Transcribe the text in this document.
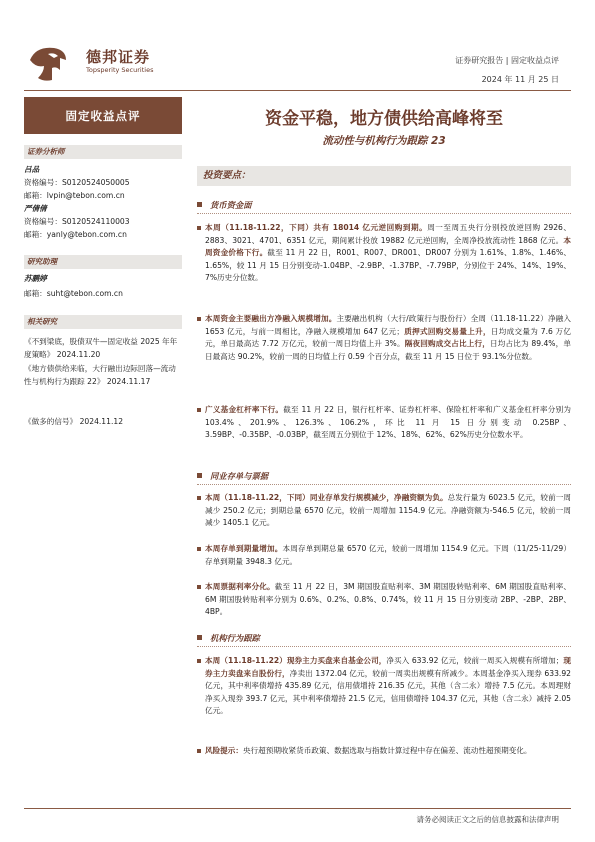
德邦证券
Topsperity Securities
证券研究报告 | 固定收益点评
2024 年 11 月 25 日
固定收益点评
证券分析师
吕品
资格编号：S0120524050005
邮箱：lvpin@tebon.com.cn
严倩倩
资格编号：S0120524110003
邮箱：yanly@tebon.com.cn
研究助理
苏鹏婷
邮箱：suht@tebon.com.cn
相关研究
《不到梁底，股债双牛—固定收益 2025 年年度策略》 2024.11.20
《地方债供给来临，大行融出边际回落—流动性与机构行为跟踪 22》 2024.11.17
《做多的信号》 2024.11.12
资金平稳，地方债供给高峰将至
流动性与机构行为跟踪 23
投资要点：
货币资金面
本周（11.18-11.22，下同）共有 18014 亿元逆回购到期。周一至周五央行分别投放逆回购 2926、2883、3021、4701、6351 亿元，期间累计投放 19882 亿元逆回购，全周净投放流动性 1868 亿元。本周资金价格下行。截至 11 月 22 日，R001、R007、DR001、DR007 分别为 1.61%、1.8%、1.46%、1.65%，较 11 月 15 日分别变动-1.04BP、-2.9BP、-1.37BP、-7.79BP，分别位于 24%、14%、19%、7%历史分位数。
本周资金主要融出方净融入规模增加。主要融出机构（大行/政策行与股份行）全周（11.18-11.22）净融入 1653 亿元，与前一周相比，净融入规模增加 647 亿元；质押式回购交易量上升，日均成交量为 7.6 万亿元，单日最高达 7.72 万亿元，较前一周日均值上升 3%。隔夜回购成交占比上行，日均占比为 89.4%，单日最高达 90.2%，较前一周的日均值上行 0.59 个百分点，截至 11 月 15 日位于 93.1%分位数。
广义基金杠杆率下行。截至 11 月 22 日，银行杠杆率、证券杠杆率、保险杠杆率和广义基金杠杆率分别为 103.4%、201.9%、126.3%、106.2%，环比 11 月 15 日分别变动 0.25BP、3.59BP、-0.35BP、-0.03BP，截至周五分别位于 12%、18%、62%、62%历史分位数水平。
同业存单与票据
本周（11.18-11.22，下同）同业存单发行规模减少，净融资额为负。总发行量为 6023.5 亿元，较前一周减少 250.2 亿元；到期总量 6570 亿元，较前一周增加 1154.9 亿元。净融资额为-546.5 亿元，较前一周减少 1405.1 亿元。
本周存单到期量增加。本周存单到期总量 6570 亿元，较前一周增加 1154.9 亿元。下周（11/25-11/29）存单到期量 3948.3 亿元。
本周票据利率分化。截至 11 月 22 日，3M 期国股直贴利率、3M 期国股转贴利率、6M 期国股直贴利率、6M 期国股转贴利率分别为 0.6%、0.2%、0.8%、0.74%，较 11 月 15 日分别变动 2BP、-2BP、2BP、4BP。
机构行为跟踪
本周（11.18-11.22）现券主力买盘来自基金公司，净买入 633.92 亿元，较前一周买入规模有所增加；现券主力卖盘来自股份行，净卖出 1372.04 亿元，较前一周卖出规模有所减少。本周基金净买入现券 633.92 亿元，其中利率债增持 435.89 亿元，信用债增持 216.35 亿元，其他（含二永）增持 7.5 亿元。本周理财净买入现券 393.7 亿元，其中利率债增持 21.5 亿元，信用债增持 104.37 亿元，其他（含二永）减持 2.05 亿元。
风险提示：央行超预期收紧货币政策、数据选取与指数计算过程中存在偏差、流动性超预期变化。
请务必阅读正文之后的信息披露和法律声明
